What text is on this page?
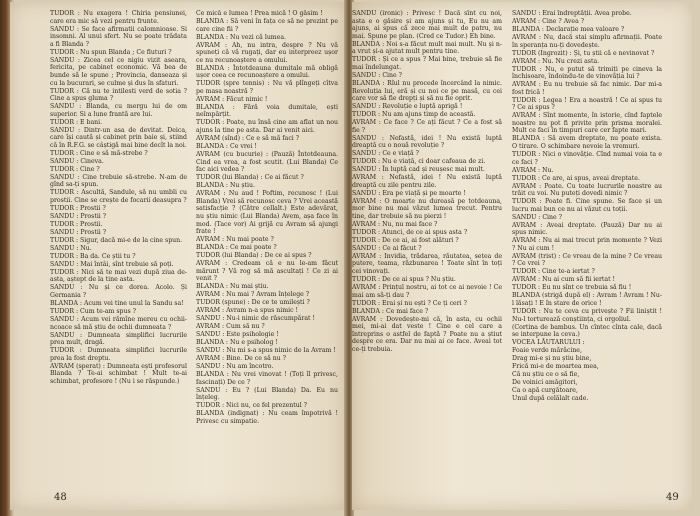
TUDOR : Nu exagera ! Chiria pensiunei, care era mic să vezi pentru frunte.

SANDU : Se face afirmatii calomnioase. Si insomni. Al unui sfert. Nu se poate trădata a fi Blanda ?

TUDOR : Nu spun Blanda ; Ce fluturi ?

SANDU : Zicea cel ce nigiu vizit aseara, fericita, pe cabinet economic. Vă bea de bunde să le spune ; Provincia, danseaza și cu la bucurari, se culme și dus în sfaturi.

TUDOR : Că nu te intilesti verd de sotia ? Cine a spus gluma ?

SANDU : Blanda, cu mergu lui de om superior. Si a lune frantă are lui.

TUDOR : E bani.

SANDU : Dintr-un asa de devitat. Deica, care își caută și cabinet prin baie și, stiind că în R.F.G. se câștigă mai bine decît la noi.

TUDOR : Cine e să mă-strebe ?

SANDU : Cineva.

TUDOR : Cine ?

SANDU : Cine trebuie să-strebe. N-am de gînd sa-ți spun.

TUDOR : Ascultă, Sandule, să nu umbli cu prostii. Cine se crește de focarii deasupra ?

TUDOR : Prostii ?

SANDU : Prostii ?

TUDOR : Prostii.

SANDU : Prostii ?

TUDOR : Sigur, dacă mi-e de la cine spun.

SANDU : Nu.

TUDOR : Ba da. Ce știi tu ?

SANDU : Mai întâi, sînt trebuie să poți.

TUDOR : Nici să te mai vezi după ziua de-asta, aștept de la tine asta.

SANDU : Nu și ce dorea. Acolo. Și Germania ?

BLANDA : Acum vei tine unul la Sandu sa!

TUDOR : Cum te-am spus ?

SANDU : Acum vei rămîne mereu cu ochii-ncoace să mă știu de ochii dumneata ?

SANDU : Dumneata simplifici lucrurile prea mult, dragă.

TUDOR : Dumneata simplifici lucrurile prea la fost dreptu.

AVRAM (sperat) : Dumneata ești profesorul Blanda ? Te-ai schimbat ! Mult te-ai schimbat, profesore ! (Nu i se răspunde.)

Ce mică e lumea ! Prea mică ! O găsim !

BLANDA : Să veni în fața ce să ne prezint pe care cine fii ?

BLANDA : Nu vezi că lumea.

AVRAM : Ah, nu intra, despre ? Nu vă spuneți că vă rugați, dar eu interpreez ușor ce nu recunoaștere a omului.

BLANDA : Întotdeauna dumitale mă obligă ușor ceea ce recunoaștere a omului.

TUDOR (spre tennis) : Nu vă plîngeți cîtva pe masa noastră ?

AVRAM : Făcut nimic !

BLANDA : Fără voia dumitale, ești neîmpărțit.

TUDOR : Poate, nu însă cine am aflat un nou ajuns la tine pe asta. Dar ai venit aici.

AVRAM (sînd) : Ce e să mă faci ?

BLANDA : Ce vrei !

AVRAM (cu bucurie) : (Pauză) Întotdeauna. Cind ea vrea, a fost scutit. (Lui Blanda) Ce fac aici vedea ?

TUDOR (lui Blanda) : Ce ai făcut ?

BLANDA : Nu știu.

AVRAM : Nu aud ! Poftim, recunosc ! (Lui Blanda) Vrei să recunosc ceva ? Vrei această satisfacție ? (Către cellalt.) Este adevărat, nu știu nimic (Lui Blanda) Avem, așa face în mod. (Tace vor) Ai grijă cu Avram să ajungi frate !

AVRAM : Nu mai poate ?

BLANDA : Ce mai poate ?

TUDOR (lui Blanda) : De ce ai spus ?

AVRAM : Credeam că e nu le-am făcut mărunt ? Vă rog să mă ascultați ! Ce zi ai venit ?

BLANDA : Nu mai știu.

AVRAM : Nu mai ? Avram înțelege ?

TUDOR (spune) : De ce te umilești ?

AVRAM : Avram n-a spus nimic !

SANDU : Nu-i nimic de răscumpărat !

AVRAM : Cum să nu ?

SANDU : Este psihologie !

BLANDA : Nu e psiholog !

SANDU : Nu mi s-a spus nimic de la Avram !

AVRAM : Bine. De ce să nu ?

SANDU : Nu am încotro.

BLANDA : Nu vrei vinovat ! (Toți îl privesc, fascinați) De ce ?

SANDU : Eu ? (Lui Blanda) Da. Eu nu înțeleg.

TUDOR : Nici nu, ce fel prezentul ?

BLANDA (indignat) : Nu ceam împotrivă ! Privesc cu simpatie.

48

SANDU (ironic) : Privesc ! Dacă sînt cu noi, asta e o găsire și am ajuns și tu, Eu nu am ajuns, ai spus că zece mai mult de patru, nu mai. Spune pe plan. (Cred ce Tudor.) Eh bine.

BLANDA : Noi s-a făcut mult mai mult. Nu și n-a vrut și-a ajutat mult pentru tine.

TUDOR : Și ce a spus ? Mai bine, trebuie să fie mai îndelungat.

SANDU : Cine ?

BLANDA : Rîul nu procede încercând la nimic. Revoluția lui, eră și cu noi ce pe masă, cu cei care vor să fie drepți și să nu fie oprit.

SANDU : Revoluție e luptă aprigă !

TUDOR : Nu am ajuns timp de această.

AVRAM : Ce face ? Ce ați făcut ? Ce a fost să fie ?

SANDU : Nefastă, idei ! Nu există luptă dreaptă cu o nouă revoluție ?

SANDU : Ce e viață ?

TUDOR : Nu e viață, ci doar cafeaua de zi.

SANDU : În luptă cad și reușesc mai mult.

AVRAM : Nefastă, idei ! Nu există luptă dreaptă cu zile pentru zile.

SANDU : Era pe viață și pe moarte !

AVRAM : O moarte nu dureasă pe totdeauna, mor bine nu mai văzut lumea trecut. Pentru tine, dar trebuie să nu pierzi !

AVRAM : Nu, nu mai face ?

TUDOR : Atunci, de ce ai spus asta ?

TUDOR : De ce ai, ai fost alături ?

SANDU : Ce ai făcut ?

AVRAM : Invidia, trădarea, răutatea, setea de putere, teama, răzbunarea ! Toate sînt în toți cei vinovați.

TUDOR : De ce ai spus ? Nu știu.

AVRAM : Prințul nostru, ai tot ce ai nevoie ! Ce mai am să-ți dau ?

TUDOR : Erai și nu ești ? Ce ți ceri ?

BLANDA : Ce mai face ?

AVRAM : Dovedește-mi că, în asta, cu ochii mei, mi-ai dat veste ! Cine e cel care a întreprins o astfel de faptă ? Poate nu a știut despre ce era. Dar nu mai ai ce face. Aveai tot ce-ți trebuia.

SANDU : Erai îndreptății. Avea probe.

AVRAM : Cine ? Avea ?

BLANDA : Declarație mea valoare ?

AVRAM : Nu, dacă stai simplu afirmații. Poate în speranța nu-ți dovedește.

TUDOR (Ingrozit) : Și, tu știi că e nevinovat ?

AVRAM : Nu. Nu crezi asta.

TUDOR : Nu, e putut să trimiți pe cineva la închisoare, îndoindu-te de vinovăția lui ?

AVRAM : Eu nu trebuie să fac nimic. Dar mi-a fost frică !

TUDOR : Legea ! Era a noastră ! Ce ai spus tu ? Ce ai spus ?

AVRAM : Sînt momente, în istorie, cînd faptele noastre nu pot fi privite prin prisma moralei. Mult ce faci în timpuri care cer fapte mari.

BLANDA : Să avem dreptate, nu poate exista. O tirare. O schimbare nevoie la vremuri.

TUDOR : Nici o vinovăție. Cînd numai voia ta e ce faci ?

AVRAM : Nu.

TUDOR : Ce are, ai spus, aveai dreptate.

AVRAM : Poate. Cu toate lucrurile noastre au trăit cu voi. Nu puteți dovedi nimic ?

TUDOR : Poate fi. Cine spune. Se face și un lucru mai bun ce nu ai văzut cu toții.

SANDU : Cine ?

AVRAM : Aveai dreptate. (Pauză) Dar nu ai spus nimic.

AVRAM : Nu ai mai trecut prin momente ? Vezi ? Nu ai cum !

AVRAM (trist) : Ce vreau de la mine ? Ce vreau ? Ce vrei ?

TUDOR : Cine te-a iertat ?

AVRAM : Nu ai cum să fii iertat !

TUDOR : Eu nu sînt ce trebuia să fiu !

BLANDA (strigă după el) : Avram ! Avram ! Nu-l lăsați ! E în stare de orice !

TUDOR : Nu te ceva cu privește ? Fii liniștit ! Nu-l torturează conștiința, ci orgoliul.

(Cortina de bambus. Un cîntec cînta cale, dacă se interpune la ceva.)

VOCEA LĂUTARULUI :

Foaie verde mărăcine,

Drag mi-e și nu știu bine,

Frică mi-e de moartea mea,

Că nu știu ce o să fie,

De voinici amăgitori,

Ca o apă curgătoare,

Unul după celălalt cade.

49
